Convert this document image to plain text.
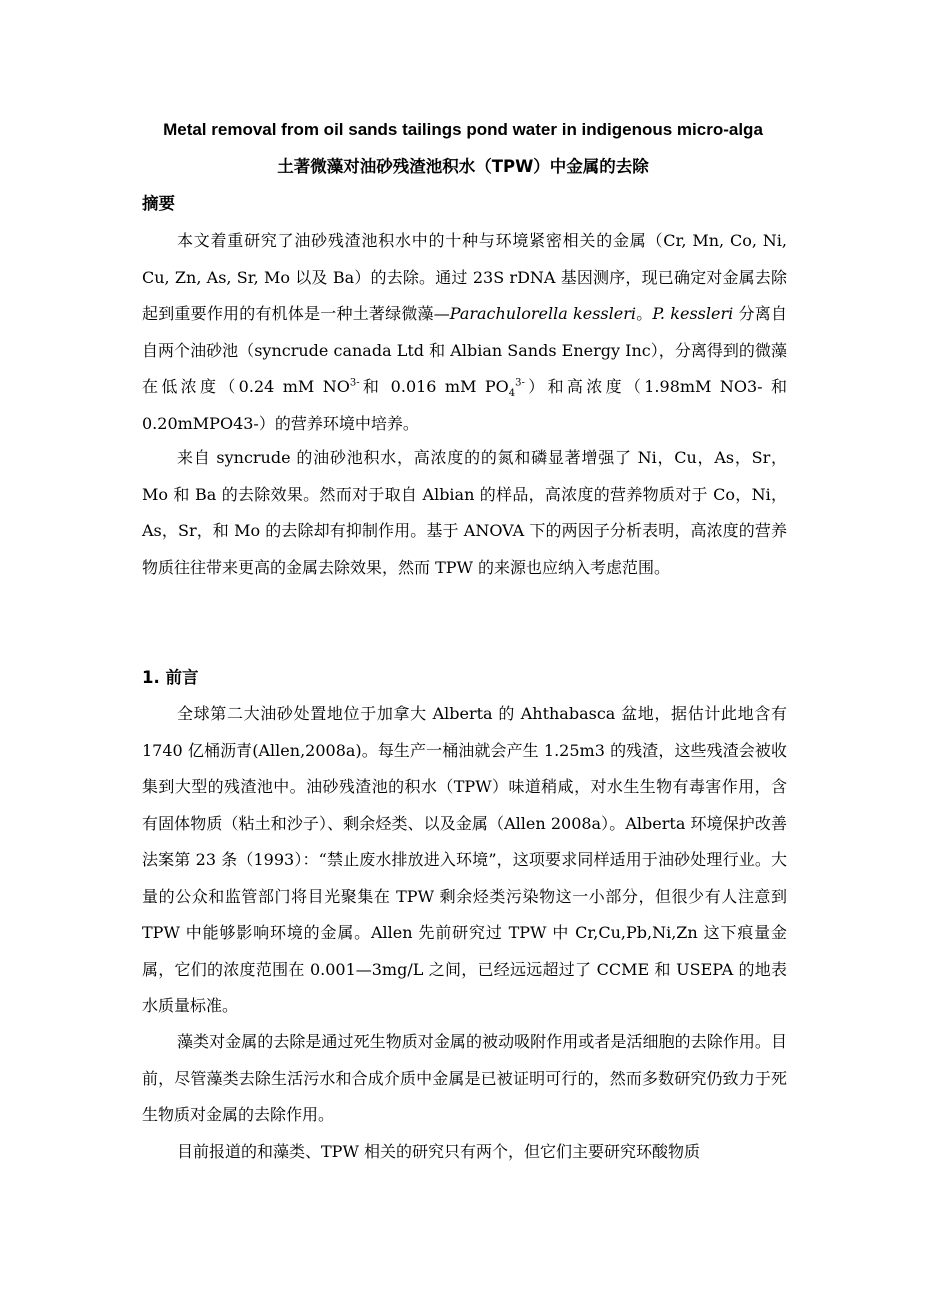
Metal removal from oil sands tailings pond water in indigenous micro-alga
土著微藻对油砂残渣池积水（TPW）中金属的去除
摘要

本文着重研究了油砂残渣池积水中的十种与环境紧密相关的金属（Cr, Mn, Co, Ni, Cu, Zn, As, Sr, Mo 以及 Ba）的去除。通过 23S rDNA 基因测序，现已确定对金属去除起到重要作用的有机体是一种土著绿微藻—Parachulorella kessleri。P. kessleri 分离自自两个油砂池（syncrude canada Ltd 和 Albian Sands Energy Inc），分离得到的微藻在低浓度（0.24 mM $NO^{3-}$和 0.016 mM $PO_4^{3-}$）和高浓度（1.98mM NO3- 和 0.20mMPO43-）的营养环境中培养。

来自 syncrude 的油砂池积水，高浓度的的氮和磷显著增强了 Ni，Cu，As，Sr，Mo 和 Ba 的去除效果。然而对于取自 Albian 的样品，高浓度的营养物质对于 Co，Ni，As，Sr，和 Mo 的去除却有抑制作用。基于 ANOVA 下的两因子分析表明，高浓度的营养物质往往带来更高的金属去除效果，然而 TPW 的来源也应纳入考虑范围。

1. 前言

全球第二大油砂处置地位于加拿大 Alberta 的 Ahthabasca 盆地，据估计此地含有 1740 亿桶沥青(Allen,2008a)。每生产一桶油就会产生 1.25m3 的残渣，这些残渣会被收集到大型的残渣池中。油砂残渣池的积水（TPW）味道稍咸，对水生生物有毒害作用，含有固体物质（粘土和沙子）、剩余烃类、以及金属（Allen 2008a）。Alberta 环境保护改善法案第 23 条（1993）：“禁止废水排放进入环境”，这项要求同样适用于油砂处理行业。大量的公众和监管部门将目光聚集在 TPW 剩余烃类污染物这一小部分，但很少有人注意到 TPW 中能够影响环境的金属。Allen 先前研究过 TPW 中 Cr,Cu,Pb,Ni,Zn 这下痕量金属，它们的浓度范围在 0.001—3mg/L 之间，已经远远超过了 CCME 和 USEPA 的地表水质量标准。

藻类对金属的去除是通过死生物质对金属的被动吸附作用或者是活细胞的去除作用。目前，尽管藻类去除生活污水和合成介质中金属是已被证明可行的，然而多数研究仍致力于死生物质对金属的去除作用。

目前报道的和藻类、TPW 相关的研究只有两个，但它们主要研究环酸物质
